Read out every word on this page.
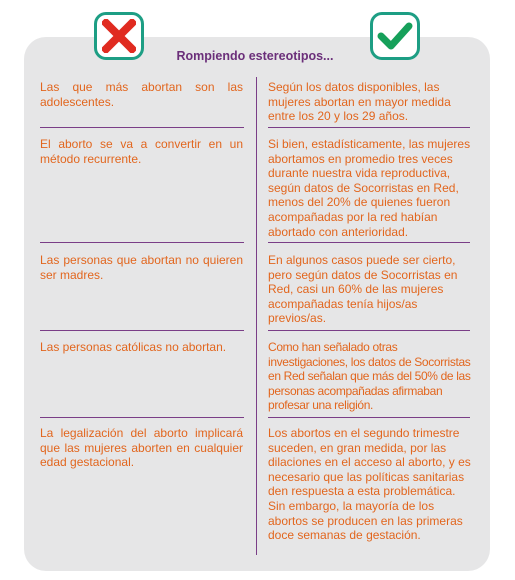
Rompiendo estereotipos...
Las que más abortan son las adolescentes.
Según los datos disponibles, las mujeres abortan en mayor medida entre los 20 y los 29 años.
El aborto se va a convertir en un método recurrente.
Si bien, estadísticamente, las mujeres abortamos en promedio tres veces durante nuestra vida reproductiva, según datos de Socorristas en Red, menos del 20% de quienes fueron acompañadas por la red habían abortado con anterioridad.
Las personas que abortan no quieren ser madres.
En algunos casos puede ser cierto, pero según datos de Socorristas en Red, casi un 60% de las mujeres acompañadas tenía hijos/as previos/as.
Las personas católicas no abortan.	Como han señalado otras investigaciones, los datos de Socorristas en Red señalan que más del 50% de las personas acompañadas afirmaban profesar una religión.
La legalización del aborto implicará que las mujeres aborten en cualquier edad gestacional.
Los abortos en el segundo trimestre suceden, en gran medida, por las dilaciones en el acceso al aborto, y es necesario que las políticas sanitarias den respuesta a esta problemática. Sin embargo, la mayoría de los abortos se producen en las primeras doce semanas de gestación.
